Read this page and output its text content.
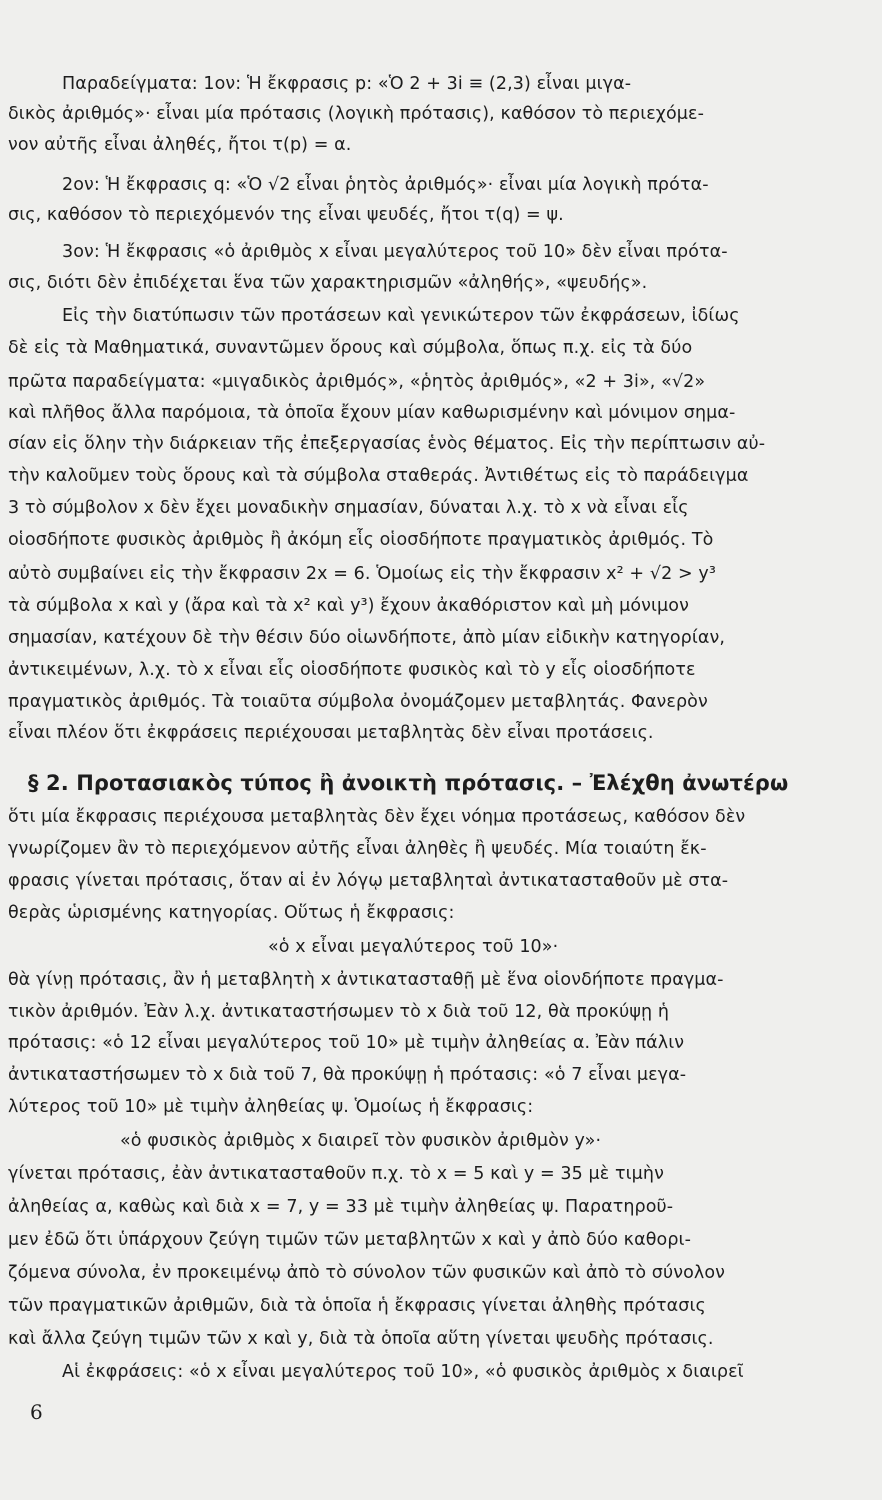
Παραδείγματα: 1ον: Ἡ ἔκφρασις p: «Ὁ 2 + 3i ≡ (2,3) εἶναι μιγα-
δικὸς ἀριθμός»· εἶναι μία πρότασις (λογικὴ πρότασις), καθόσον τὸ περιεχόμε-
νον αὐτῆς εἶναι ἀληθές, ἤτοι τ(p) = α.
2ον: Ἡ ἔκφρασις q: «Ὁ √2 εἶναι ῥητὸς ἀριθμός»· εἶναι μία λογικὴ πρότα-
σις, καθόσον τὸ περιεχόμενόν της εἶναι ψευδές, ἤτοι τ(q) = ψ.
3ον: Ἡ ἔκφρασις «ὁ ἀριθμὸς x εἶναι μεγαλύτερος τοῦ 10» δὲν εἶναι πρότα-
σις, διότι δὲν ἐπιδέχεται ἕνα τῶν χαρακτηρισμῶν «ἀληθής», «ψευδής».
Εἰς τὴν διατύπωσιν τῶν προτάσεων καὶ γενικώτερον τῶν ἐκφράσεων, ἰδίως
δὲ εἰς τὰ Μαθηματικά, συναντῶμεν ὅρους καὶ σύμβολα, ὅπως π.χ. εἰς τὰ δύο
πρῶτα παραδείγματα: «μιγαδικὸς ἀριθμός», «ῥητὸς ἀριθμός», «2 + 3i», «√2»
καὶ πλῆθος ἄλλα παρόμοια, τὰ ὁποῖα ἔχουν μίαν καθωρισμένην καὶ μόνιμον σημα-
σίαν εἰς ὅλην τὴν διάρκειαν τῆς ἐπεξεργασίας ἑνὸς θέματος. Εἰς τὴν περίπτωσιν αὐ-
τὴν καλοῦμεν τοὺς ὅρους καὶ τὰ σύμβολα σταθεράς. Ἀντιθέτως εἰς τὸ παράδειγμα
3 τὸ σύμβολον x δὲν ἔχει μοναδικὴν σημασίαν, δύναται λ.χ. τὸ x νὰ εἶναι εἷς
οἱοσδήποτε φυσικὸς ἀριθμὸς ἢ ἀκόμη εἷς οἱοσδήποτε πραγματικὸς ἀριθμός. Τὸ
αὐτὸ συμβαίνει εἰς τὴν ἔκφρασιν 2x = 6. Ὁμοίως εἰς τὴν ἔκφρασιν x² + √2 > y³
τὰ σύμβολα x καὶ y (ἄρα καὶ τὰ x² καὶ y³) ἔχουν ἀκαθόριστον καὶ μὴ μόνιμον
σημασίαν, κατέχουν δὲ τὴν θέσιν δύο οἱωνδήποτε, ἀπὸ μίαν εἰδικὴν κατηγορίαν,
ἀντικειμένων, λ.χ. τὸ x εἶναι εἷς οἱοσδήποτε φυσικὸς καὶ τὸ y εἷς οἱοσδήποτε
πραγματικὸς ἀριθμός. Τὰ τοιαῦτα σύμβολα ὀνομάζομεν μεταβλητάς. Φανερὸν
εἶναι πλέον ὅτι ἐκφράσεις περιέχουσαι μεταβλητὰς δὲν εἶναι προτάσεις.
§ 2. Προτασιακὸς τύπος ἢ ἀνοικτὴ πρότασις. – Ἐλέχθη ἀνωτέρω
ὅτι μία ἔκφρασις περιέχουσα μεταβλητὰς δὲν ἔχει νόημα προτάσεως, καθόσον δὲν
γνωρίζομεν ἂν τὸ περιεχόμενον αὐτῆς εἶναι ἀληθὲς ἢ ψευδές. Μία τοιαύτη ἔκ-
φρασις γίνεται πρότασις, ὅταν αἱ ἐν λόγῳ μεταβληταὶ ἀντικατασταθοῦν μὲ στα-
θερὰς ὡρισμένης κατηγορίας. Οὕτως ἡ ἔκφρασις:
«ὁ x εἶναι μεγαλύτερος τοῦ 10»·
θὰ γίνῃ πρότασις, ἂν ἡ μεταβλητὴ x ἀντικατασταθῇ μὲ ἕνα οἱονδήποτε πραγμα-
τικὸν ἀριθμόν. Ἐὰν λ.χ. ἀντικαταστήσωμεν τὸ x διὰ τοῦ 12, θὰ προκύψῃ ἡ
πρότασις: «ὁ 12 εἶναι μεγαλύτερος τοῦ 10» μὲ τιμὴν ἀληθείας α. Ἐὰν πάλιν
ἀντικαταστήσωμεν τὸ x διὰ τοῦ 7, θὰ προκύψῃ ἡ πρότασις: «ὁ 7 εἶναι μεγα-
λύτερος τοῦ 10» μὲ τιμὴν ἀληθείας ψ. Ὁμοίως ἡ ἔκφρασις:
«ὁ φυσικὸς ἀριθμὸς x διαιρεῖ τὸν φυσικὸν ἀριθμὸν y»·
γίνεται πρότασις, ἐὰν ἀντικατασταθοῦν π.χ. τὸ x = 5 καὶ y = 35 μὲ τιμὴν
ἀληθείας α, καθὼς καὶ διὰ x = 7, y = 33 μὲ τιμὴν ἀληθείας ψ. Παρατηροῦ-
μεν ἐδῶ ὅτι ὑπάρχουν ζεύγη τιμῶν τῶν μεταβλητῶν x καὶ y ἀπὸ δύο καθορι-
ζόμενα σύνολα, ἐν προκειμένῳ ἀπὸ τὸ σύνολον τῶν φυσικῶν καὶ ἀπὸ τὸ σύνολον
τῶν πραγματικῶν ἀριθμῶν, διὰ τὰ ὁποῖα ἡ ἔκφρασις γίνεται ἀληθὴς πρότασις
καὶ ἄλλα ζεύγη τιμῶν τῶν x καὶ y, διὰ τὰ ὁποῖα αὕτη γίνεται ψευδὴς πρότασις.
Αἱ ἐκφράσεις: «ὁ x εἶναι μεγαλύτερος τοῦ 10», «ὁ φυσικὸς ἀριθμὸς x διαιρεῖ
6
